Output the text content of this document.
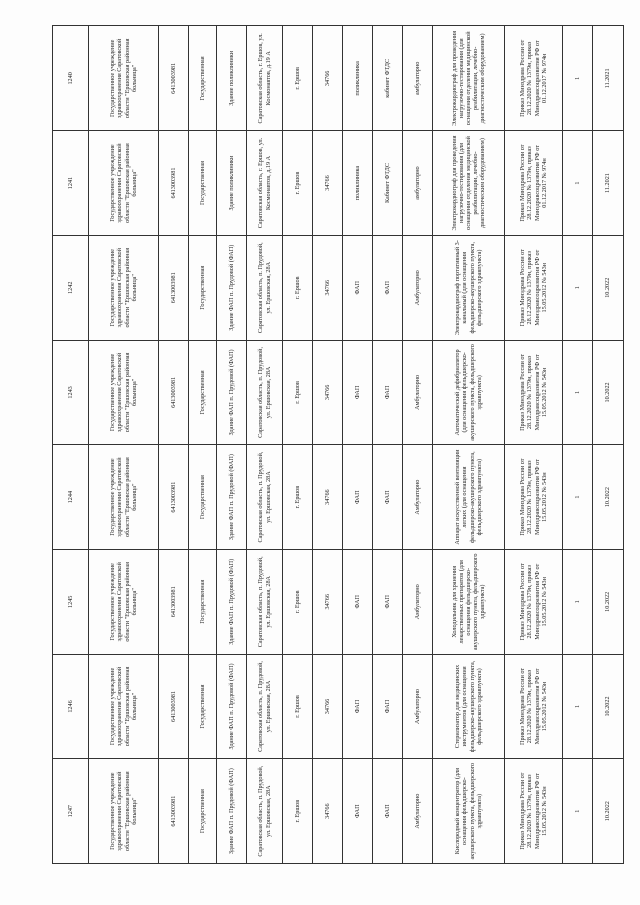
1247	1246	1245	1244	1243	1242	1241	1240
Государственное учреждение здравоохранения Саратовской области "Ершовская районная больница"	Государственное учреждение здравоохранения Саратовской области "Ершовская районная больница"	Государственное учреждение здравоохранения Саратовской области "Ершовская районная больница"	Государственное учреждение здравоохранения Саратовской области "Ершовская районная больница"	Государственное учреждение здравоохранения Саратовской области "Ершовская районная больница"	Государственное учреждение здравоохранения Саратовской области "Ершовская районная больница"	Государственное учреждение здравоохранения Саратовской области "Ершовская районная больница"	Государственное учреждение здравоохранения Саратовской области "Ершовская районная больница"
6413003981	6413003981	6413003981	6413003981	6413003981	6413003981	6413003981	6413003981
Государственная	Государственная	Государственная	Государственная	Государственная	Государственная	Государственная	Государственная
Здание ФАП п. Прудовой (ФАП)	Здание ФАП п. Прудовой (ФАП)	Здание ФАП п. Прудовой (ФАП)	Здание ФАП п. Прудовой (ФАП)	Здание ФАП п. Прудовой (ФАП)	Здание ФАП п. Прудовой (ФАП)	Здание поликлиники	Здание поликлиники
Саратовская область, п. Прудовой, ул. Ершовская, 28А	Саратовская область, п. Прудовой, ул. Ершовская, 28А	Саратовская область, п. Прудовой, ул. Ершовская, 28А	Саратовская область, п. Прудовой, ул. Ершовская, 28А	Саратовская область, п. Прудовой, ул. Ершовская, 28А	Саратовская область, п. Прудовой, ул. Ершовская, 28А	Саратовская область, г. Ершов, ул. Космонавтов, д.19 А	Саратовская область, г. Ершов, ул. Космонавтов, д.19 А
г. Ершов	г. Ершов	г. Ершов	г. Ершов	г. Ершов	г. Ершов	г. Ершов	г. Ершов
34766	34766	34766	34766	34766	34766	34766	34766
ФАП	ФАП	ФАП	ФАП	ФАП	ФАП	поликлиника	поликлиника
ФАП	ФАП	ФАП	ФАП	ФАП	ФАП	Кабинет ФТДС	кабинет ФТДС
Амбулаторно	Амбулаторно	Амбулаторно	Амбулаторно	Амбулаторно	Амбулаторно	амбулаторно	амбулаторно
Кислородный концентратор (для оснащения фельдшерско-акушерского пункта, фельдшерского здравпункта)	Стерилизатор для медицинских инструментов (для оснащения фельдшерско-акушерского пункта, фельдшерского здравпункта)	Холодильник для хранения лекарственных препаратов (для оснащения фельдшерско-акушерского пункта, фельдшерского здравпункта)	Аппарат искусственной вентиляции легких (для оснащения фельдшерско-акушерского пункта, фельдшерского здравпункта)	Автоматический дефибриллятор (для оснащения фельдшерско-акушерского пункта, фельдшерского здравпункта)	Электрокардиограф портативный 3-канальный (для оснащения фельдшерско-акушерского пункта, фельдшерского здравпункта)	Электрокардиограф для проведения нагрузочно-тестирования (для оснащения отделения медицинской реабилитации, лечебно-диагностическим оборудованием)	Электрокардиограф для проведения нагрузочно-тестирования (для оснащения отделения медицинской реабилитации, лечебно-диагностическим оборудованием)
Приказ Минздрава России от 28.12.2020 № 1379н, приказ Минздравсоцразвития РФ от 15.05.2012 № 543н	Приказ Минздрава России от 28.12.2020 № 1379н, приказ Минздравсоцразвития РФ от 15.05.2012 № 543н	Приказ Минздрава России от 28.12.2020 № 1379н, приказ Минздравсоцразвития РФ от 15.05.2012 № 543н	Приказ Минздрава России от 28.12.2020 № 1379н, приказ Минздравсоцразвития РФ от 15.05.2012 № 543н	Приказ Минздрава России от 28.12.2020 № 1379н, приказ Минздравсоцразвития РФ от 15.05.2012 № 543н	Приказ Минздрава России от 28.12.2020 № 1379н, приказ Минздравсоцразвития РФ от 15.05.2012 № 543н	Приказ Минздрава России от 28.12.2020 № 1379н, приказ Минздравсоцразвития РФ от 01.12.2017 № 974н	Приказ Минздрава России от 28.12.2020 № 1379н, приказ Минздравсоцразвития РФ от 01.12.2017 № 974н
1	1	1	1	1	1	1	1
10.2022	10.2022	10.2022	10.2022	10.2022	10.2022	11.2021	11.2021
